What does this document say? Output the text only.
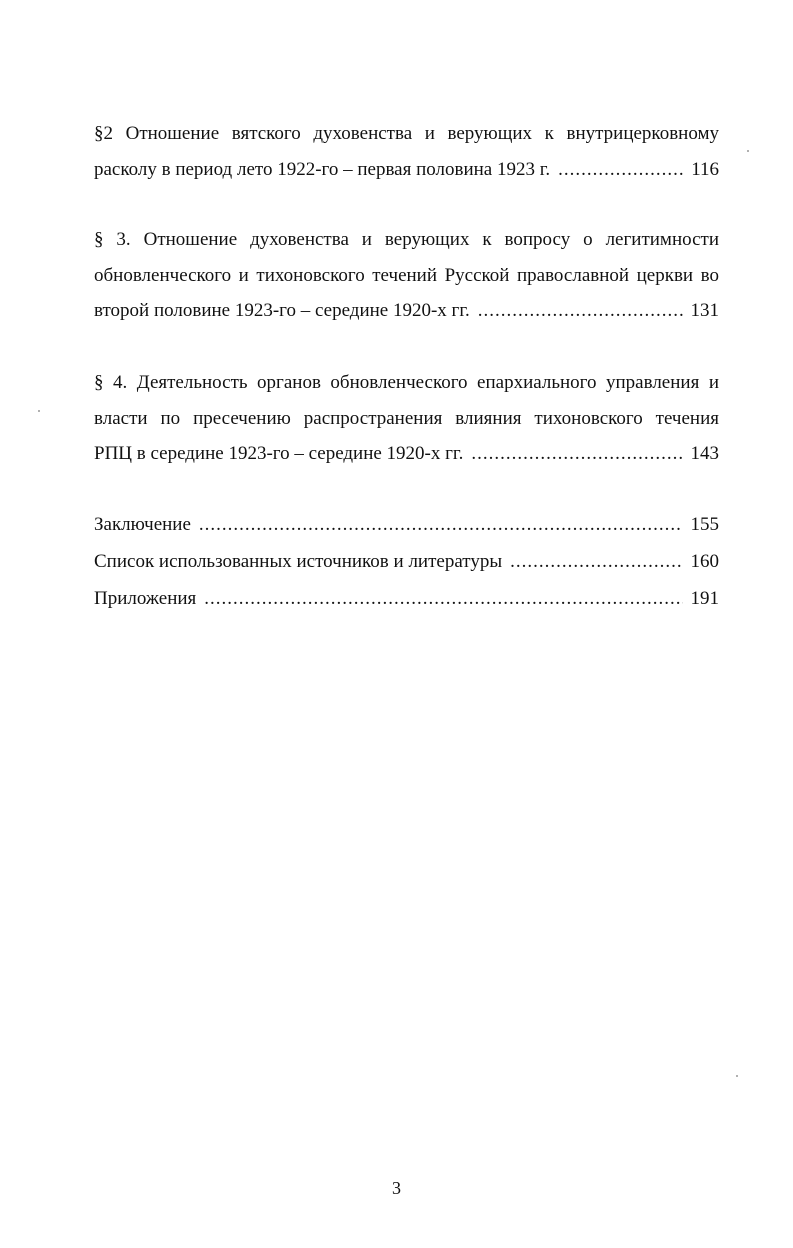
§2 Отношение вятского духовенства и верующих к внутрицерковному
расколу в период лето 1922-го – первая половина 1923 г. .....	116
§ 3. Отношение духовенства и верующих к вопросу о легитимности
обновленческого и тихоновского течений Русской православной церкви во
второй половине 1923-го – середине 1920-х гг. .....	131
§ 4. Деятельность органов обновленческого епархиального управления и
власти по пресечению распространения влияния тихоновского течения
РПЦ в середине 1923-го – середине 1920-х гг. .....	143
Заключение .....	155
Список использованных источников и литературы .....	160
Приложения .....	191
3
